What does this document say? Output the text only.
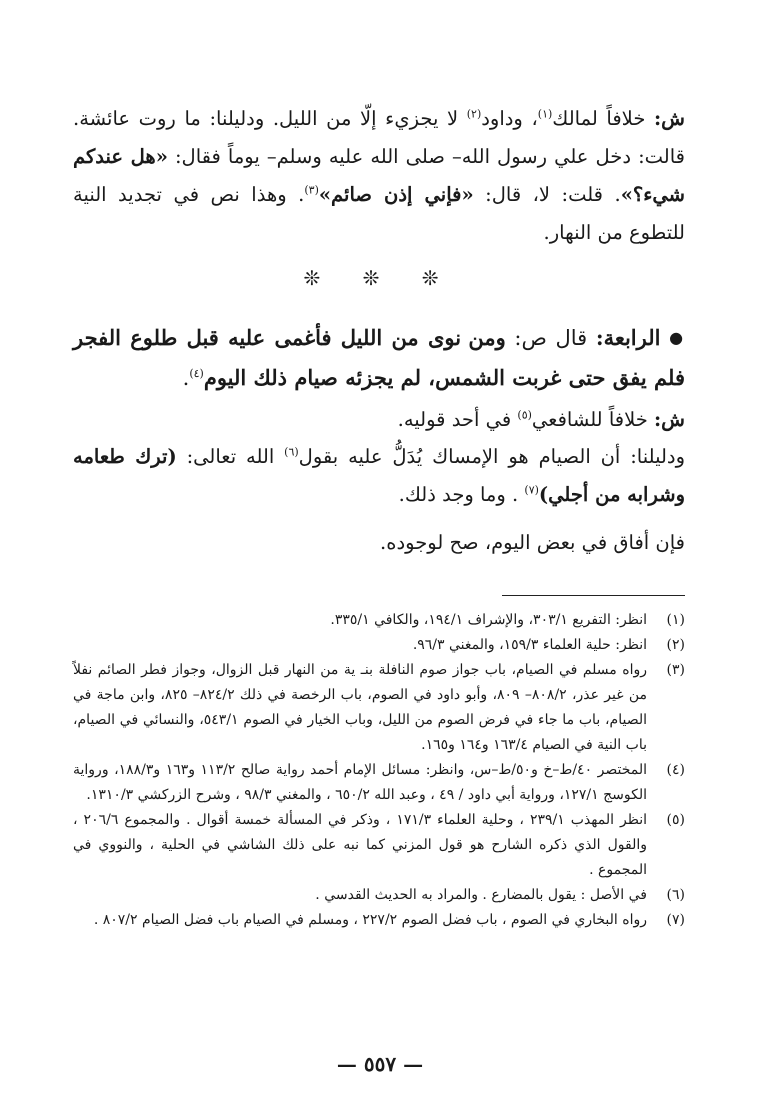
ش: خلافاً لمالك$^{(١)}$، وداود$^{(٢)}$ لا يجزيء إلّا من الليل. ودليلنا: ما روت عائشة. قالت: دخل علي رسول الله– صلى الله عليه وسلم– يوماً فقال: «هل عندكم شيء؟». قلت: لا، قال: «فإني إذن صائم»$^{(٣)}$. وهذا نص في تجديد النية للتطوع من النهار.

❊ ❊ ❊

● الرابعة: قال ص: ومن نوى من الليل فأغمى عليه قبل طلوع الفجر فلم يفق حتى غربت الشمس، لم يجزئه صيام ذلك اليوم$^{(٤)}$.

ش: خلافاً للشافعي$^{(٥)}$ في أحد قوليه.

ودليلنا: أن الصيام هو الإمساك يُدَلُّ عليه بقول$^{(٦)}$ الله تعالى: (ترك طعامه وشرابه من أجلي)$^{(٧)}$ . وما وجد ذلك.

فإن أفاق في بعض اليوم، صح لوجوده.

(١)
انظر: التفريع ٣٠٣/١، والإشراف ١٩٤/١، والكافي ٣٣٥/١.
(٢)
انظر: حلية العلماء ١٥٩/٣، والمغني ٩٦/٣.
(٣)
رواه مسلم في الصيام، باب جواز صوم النافلة بنـ ية من النهار قبل الزوال، وجواز فطر الصائم نفلاً من غير عذر، ٨٠٨/٢– ٨٠٩، وأبو داود في الصوم، باب الرخصة في ذلك ٨٢٤/٢– ٨٢٥، وابن ماجة في الصيام، باب ما جاء في فرض الصوم من الليل، وباب الخيار في الصوم ٥٤٣/١، والنسائي في الصيام، باب النية في الصيام ١٦٣/٤ و١٦٤ و١٦٥.
(٤)
المختصر ٤٠/ط–خ و٥٠/ط–س، وانظر: مسائل الإمام أحمد رواية صالح ١١٣/٢ و١٦٣ و١٨٨/٣، ورواية الكوسج ١٢٧/١، ورواية أبي داود / ٤٩ ، وعبد الله ٦٥٠/٢ ، والمغني ٩٨/٣ ، وشرح الزركشي ١٣١٠/٣.
(٥)
انظر المهذب ٢٣٩/١ ، وحلية العلماء ١٧١/٣ ، وذكر في المسألة خمسة أقوال . والمجموع ٢٠٦/٦ ، والقول الذي ذكره الشارح هو قول المزني كما نبه على ذلك الشاشي في الحلية ، والنووي في المجموع .
(٦)
في الأصل : يقول بالمضارع . والمراد به الحديث القدسي .
(٧)
رواه البخاري في الصوم ، باب فضل الصوم ٢٢٧/٢ ، ومسلم في الصيام باب فضل الصيام ٨٠٧/٢ .
— ٥٥٧ —
